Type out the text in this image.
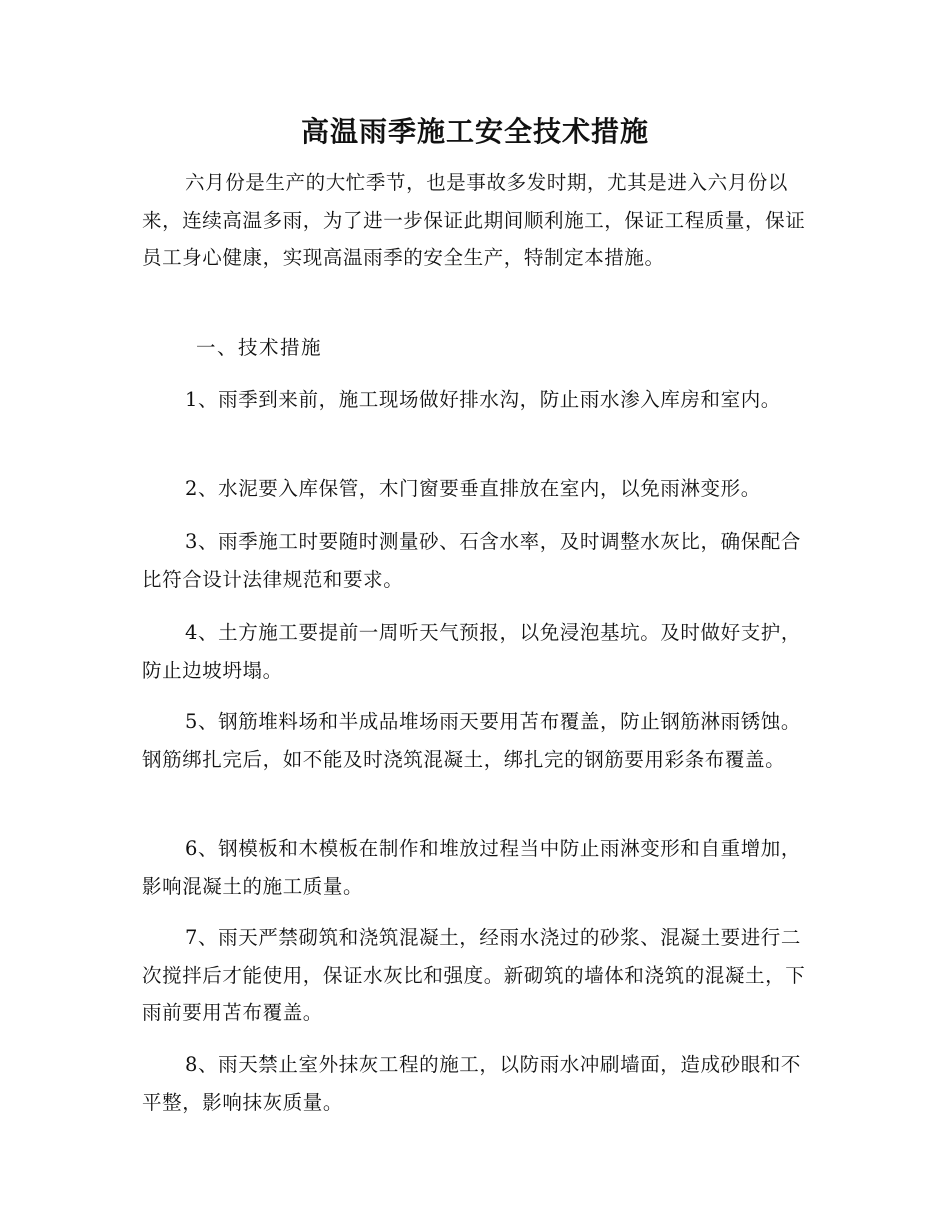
高温雨季施工安全技术措施
六月份是生产的大忙季节，也是事故多发时期，尤其是进入六月份以来，连续高温多雨，为了进一步保证此期间顺利施工，保证工程质量，保证员工身心健康，实现高温雨季的安全生产，特制定本措施。
一、技术措施
1、雨季到来前，施工现场做好排水沟，防止雨水渗入库房和室内。
2、水泥要入库保管，木门窗要垂直排放在室内，以免雨淋变形。
3、雨季施工时要随时测量砂、石含水率，及时调整水灰比，确保配合比符合设计法律规范和要求。
4、土方施工要提前一周听天气预报，以免浸泡基坑。及时做好支护，防止边坡坍塌。
5、钢筋堆料场和半成品堆场雨天要用苫布覆盖，防止钢筋淋雨锈蚀。钢筋绑扎完后，如不能及时浇筑混凝土，绑扎完的钢筋要用彩条布覆盖。
6、钢模板和木模板在制作和堆放过程当中防止雨淋变形和自重增加，影响混凝土的施工质量。
7、雨天严禁砌筑和浇筑混凝土，经雨水浇过的砂浆、混凝土要进行二次搅拌后才能使用，保证水灰比和强度。新砌筑的墙体和浇筑的混凝土，下雨前要用苫布覆盖。
8、雨天禁止室外抹灰工程的施工，以防雨水冲刷墙面，造成砂眼和不平整，影响抹灰质量。
